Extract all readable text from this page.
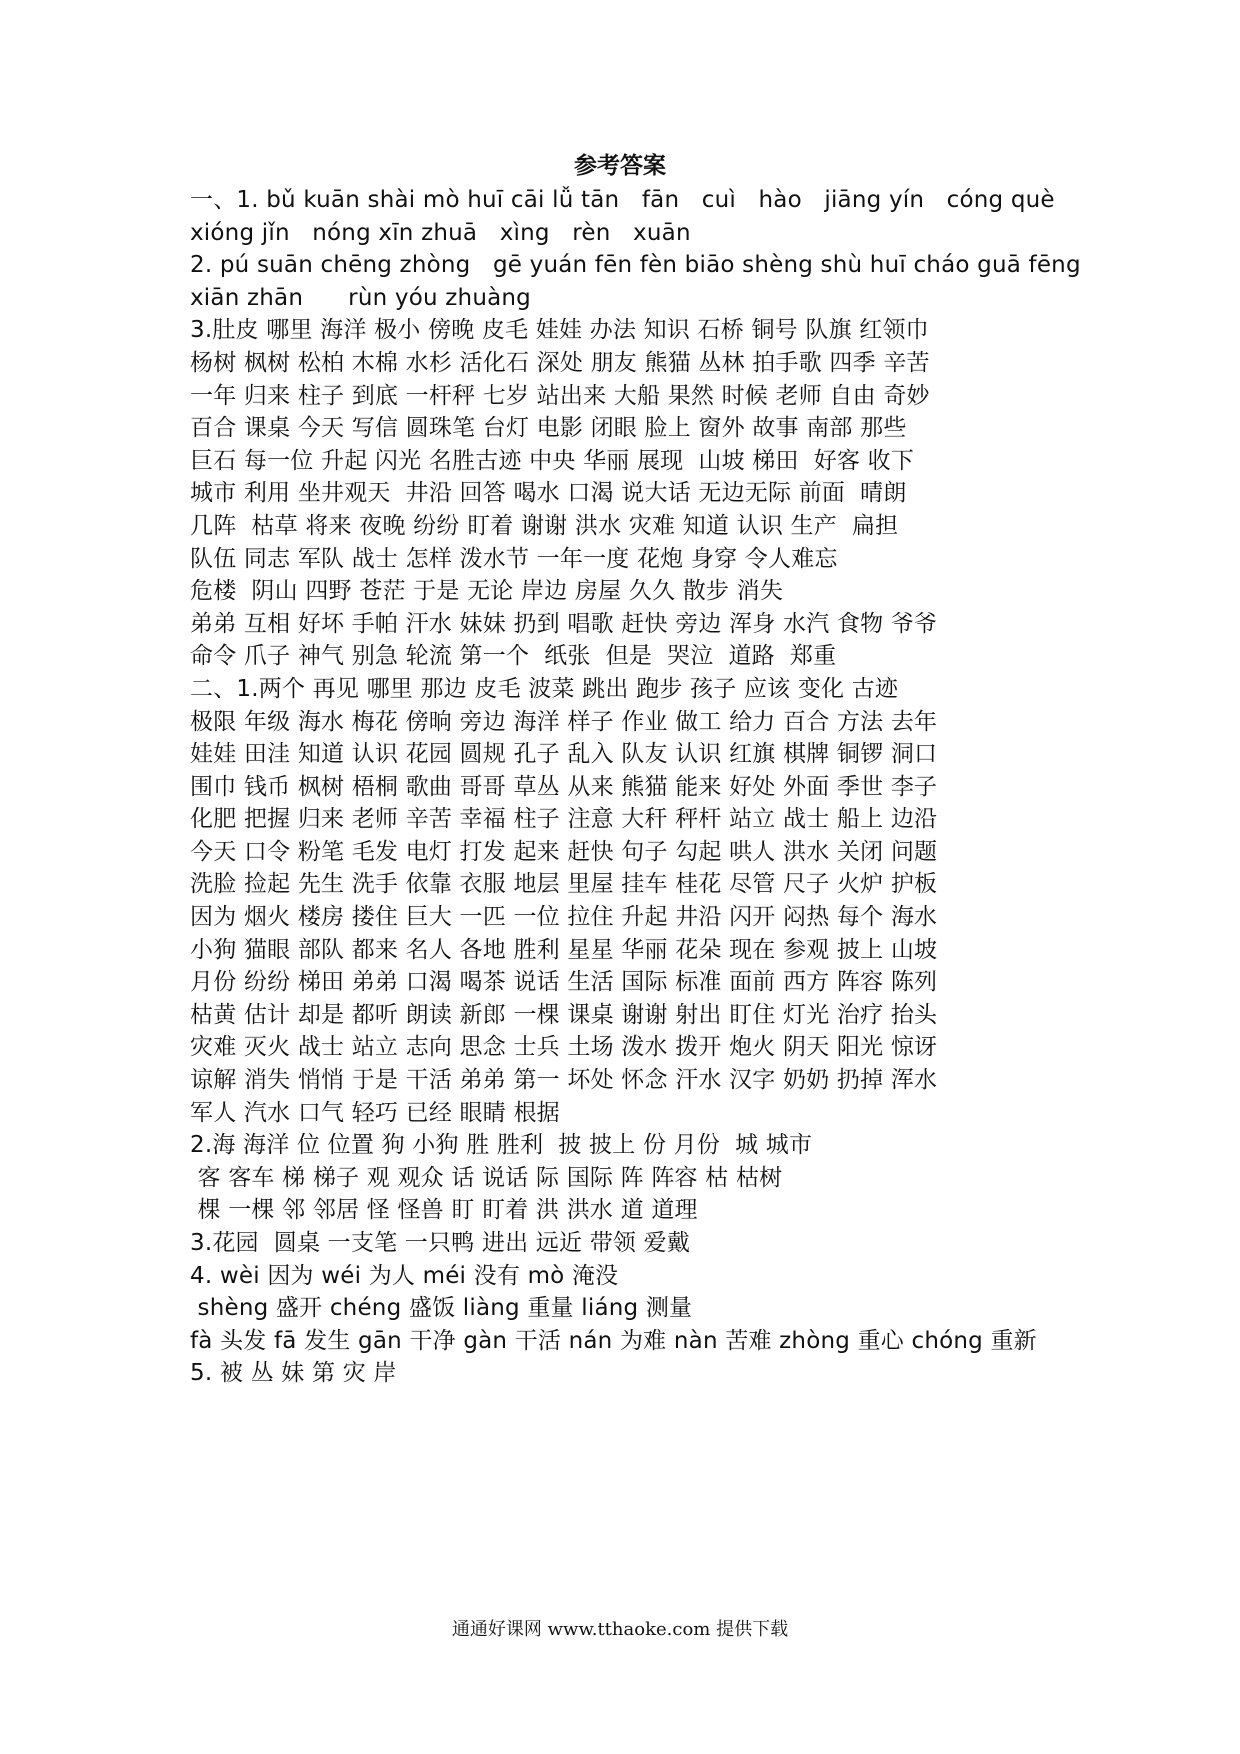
参考答案
一、1. bǔ kuān shài mò huī cāi lǚ tān   fān   cuì   hào   jiāng yín   cóng què
xióng jǐn   nóng xīn zhuā   xìng   rèn   xuān
2. pú suān chēng zhòng   gē yuán fēn fèn biāo shèng shù huī cháo guā fēng
xiān zhān      rùn yóu zhuàng
3.肚皮 哪里 海洋 极小 傍晚 皮毛 娃娃 办法 知识 石桥 铜号 队旗 红领巾
杨树 枫树 松柏 木棉 水杉 活化石 深处 朋友 熊猫 丛林 拍手歌 四季 辛苦
一年 归来 柱子 到底 一杆秤 七岁 站出来 大船 果然 时候 老师 自由 奇妙
百合 课桌 今天 写信 圆珠笔 台灯 电影 闭眼 脸上 窗外 故事 南部 那些
巨石 每一位 升起 闪光 名胜古迹 中央 华丽 展现  山坡 梯田  好客 收下
城市 利用 坐井观天  井沿 回答 喝水 口渴 说大话 无边无际 前面  晴朗
几阵  枯草 将来 夜晚 纷纷 盯着 谢谢 洪水 灾难 知道 认识 生产  扁担
队伍 同志 军队 战士 怎样 泼水节 一年一度 花炮 身穿 令人难忘
危楼  阴山 四野 苍茫 于是 无论 岸边 房屋 久久 散步 消失
弟弟 互相 好坏 手帕 汗水 妹妹 扔到 唱歌 赶快 旁边 浑身 水汽 食物 爷爷
命令 爪子 神气 别急 轮流 第一个  纸张  但是  哭泣  道路  郑重
二、1.两个 再见 哪里 那边 皮毛 波菜 跳出 跑步 孩子 应该 变化 古迹
极限 年级 海水 梅花 傍晌 旁边 海洋 样子 作业 做工 给力 百合 方法 去年
娃娃 田洼 知道 认识 花园 圆规 孔子 乱入 队友 认识 红旗 棋牌 铜锣 洞口
围巾 钱币 枫树 梧桐 歌曲 哥哥 草丛 从来 熊猫 能来 好处 外面 季世 李子
化肥 把握 归来 老师 辛苦 幸福 柱子 注意 大秆 秤杆 站立 战士 船上 边沿
今天 口令 粉笔 毛发 电灯 打发 起来 赶快 句子 勾起 哄人 洪水 关闭 问题
洗脸 捡起 先生 洗手 依靠 衣服 地层 里屋 挂车 桂花 尽管 尺子 火炉 护板
因为 烟火 楼房 搂住 巨大 一匹 一位 拉住 升起 井沿 闪开 闷热 每个 海水
小狗 猫眼 部队 都来 名人 各地 胜利 星星 华丽 花朵 现在 参观 披上 山坡
月份 纷纷 梯田 弟弟 口渴 喝茶 说话 生活 国际 标准 面前 西方 阵容 陈列
枯黄 估计 却是 都听 朗读 新郎 一棵 课桌 谢谢 射出 盯住 灯光 治疗 抬头
灾难 灭火 战士 站立 志向 思念 士兵 土场 泼水 拨开 炮火 阴天 阳光 惊讶
谅解 消失 悄悄 于是 干活 弟弟 第一 坏处 怀念 汗水 汉字 奶奶 扔掉 浑水
军人 汽水 口气 轻巧 已经 眼睛 根据
2.海 海洋 位 位置 狗 小狗 胜 胜利  披 披上 份 月份  城 城市
客 客车 梯 梯子 观 观众 话 说话 际 国际 阵 阵容 枯 枯树
棵 一棵 邻 邻居 怪 怪兽 盯 盯着 洪 洪水 道 道理
3.花园  圆桌 一支笔 一只鸭 进出 远近 带领 爱戴
4. wèi 因为 wéi 为人 méi 没有 mò 淹没
shèng 盛开 chéng 盛饭 liàng 重量 liáng 测量
fà 头发 fā 发生 gān 干净 gàn 干活 nán 为难 nàn 苦难 zhòng 重心 chóng 重新
5. 被 丛 妹 第 灾 岸
通通好课网 www.tthaoke.com 提供下载
